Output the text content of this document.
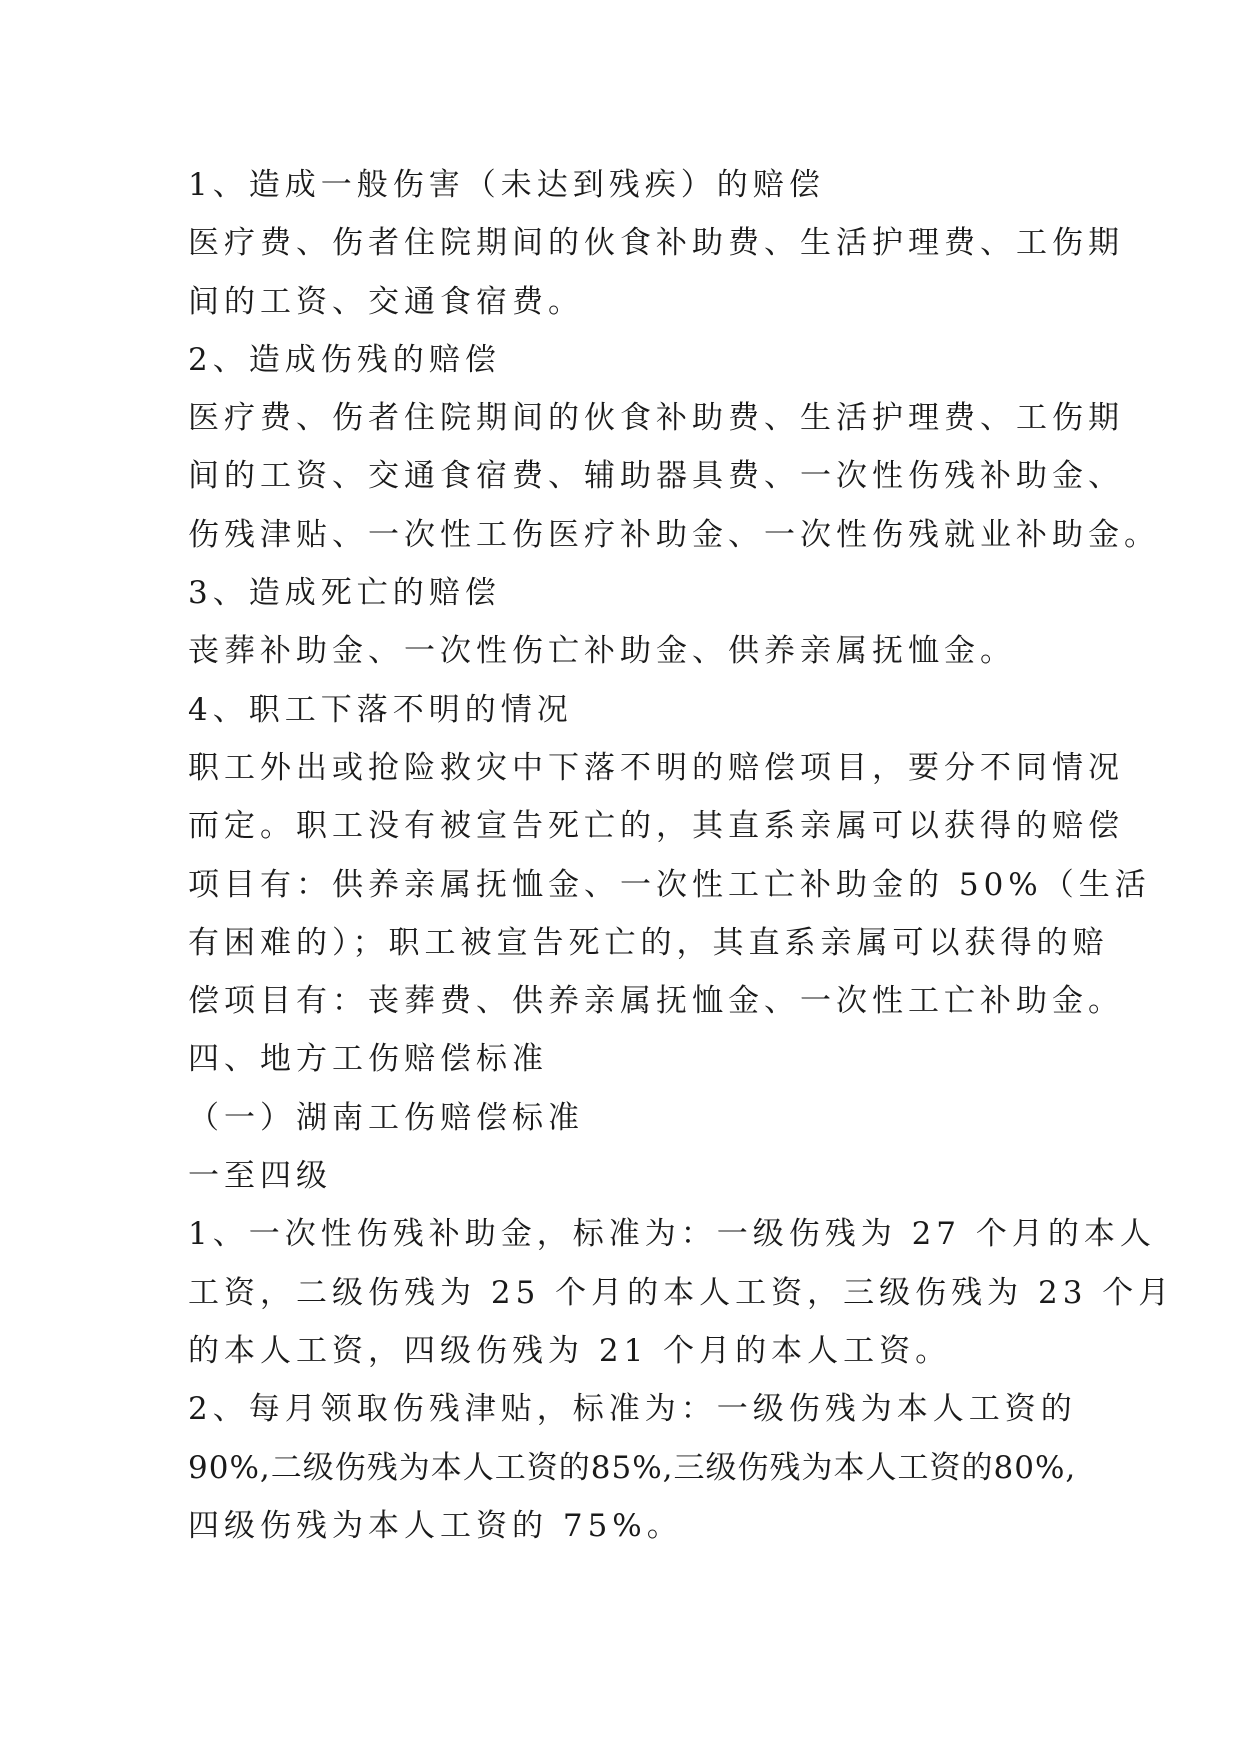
1、造成一般伤害（未达到残疾）的赔偿
医疗费、伤者住院期间的伙食补助费、生活护理费、工伤期
间的工资、交通食宿费。
2、造成伤残的赔偿
医疗费、伤者住院期间的伙食补助费、生活护理费、工伤期
间的工资、交通食宿费、辅助器具费、一次性伤残补助金、
伤残津贴、一次性工伤医疗补助金、一次性伤残就业补助金。
3、造成死亡的赔偿
丧葬补助金、一次性伤亡补助金、供养亲属抚恤金。
4、职工下落不明的情况
职工外出或抢险救灾中下落不明的赔偿项目，要分不同情况
而定。职工没有被宣告死亡的，其直系亲属可以获得的赔偿
项目有：供养亲属抚恤金、一次性工亡补助金的 50%（生活
有困难的）；职工被宣告死亡的，其直系亲属可以获得的赔
偿项目有：丧葬费、供养亲属抚恤金、一次性工亡补助金。
四、地方工伤赔偿标准
（一）湖南工伤赔偿标准
一至四级
1、一次性伤残补助金，标准为：一级伤残为 27 个月的本人
工资，二级伤残为 25 个月的本人工资，三级伤残为 23 个月
的本人工资，四级伤残为 21 个月的本人工资。
2、每月领取伤残津贴，标准为：一级伤残为本人工资的
90%,二级伤残为本人工资的85%,三级伤残为本人工资的80%,
四级伤残为本人工资的 75%。
